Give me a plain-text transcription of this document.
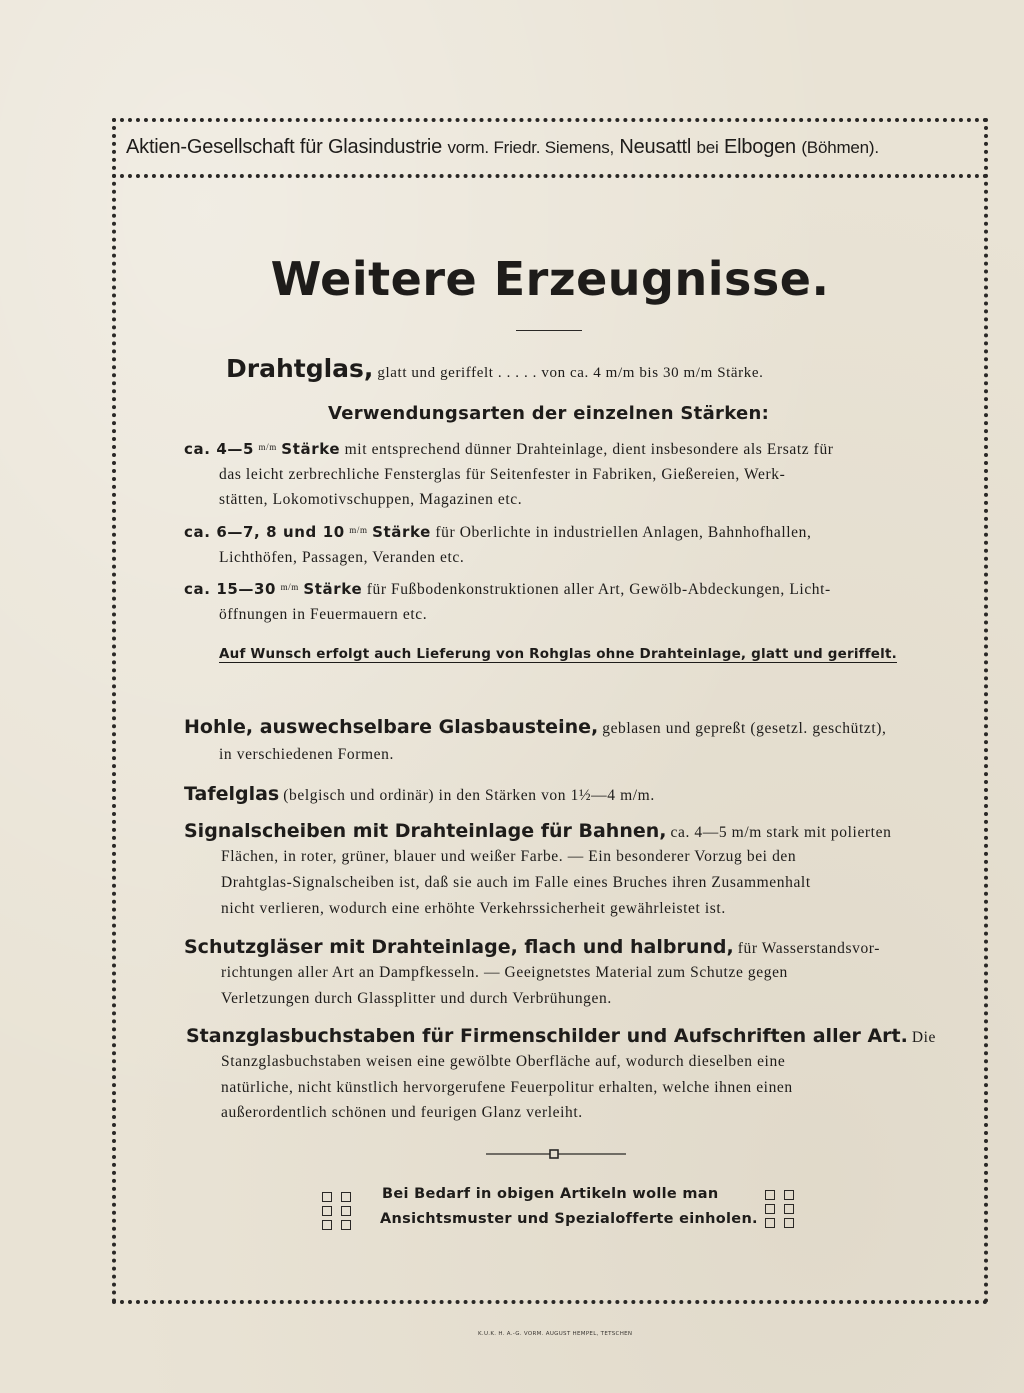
Aktien-Gesellschaft für Glasindustrie vorm. Friedr. Siemens, Neusattl bei Elbogen (Böhmen).
Weitere Erzeugnisse.
Drahtglas, glatt und geriffelt . . . . . von ca. 4 m/m bis 30 m/m Stärke.
Verwendungsarten der einzelnen Stärken:
ca. 4—5 $^{m/m}$ Stärke mit entsprechend dünner Drahteinlage, dient insbesondere als Ersatz für
das leicht zerbrechliche Fensterglas für Seitenfester in Fabriken, Gießereien, Werk-
stätten, Lokomotivschuppen, Magazinen etc.
ca. 6—7, 8 und 10 $^{m/m}$ Stärke für Oberlichte in industriellen Anlagen, Bahnhofhallen,
Lichthöfen, Passagen, Veranden etc.
ca. 15—30 $^{m/m}$ Stärke für Fußbodenkonstruktionen aller Art, Gewölb-Abdeckungen, Licht-
öffnungen in Feuermauern etc.
Auf Wunsch erfolgt auch Lieferung von Rohglas ohne Drahteinlage, glatt und geriffelt.
Hohle, auswechselbare Glasbausteine, geblasen und gepreßt (gesetzl. geschützt),
in verschiedenen Formen.
Tafelglas (belgisch und ordinär) in den Stärken von 1½—4 m/m.
Signalscheiben mit Drahteinlage für Bahnen, ca. 4—5 m/m stark mit polierten
Flächen, in roter, grüner, blauer und weißer Farbe. — Ein besonderer Vorzug bei den
Drahtglas-Signalscheiben ist, daß sie auch im Falle eines Bruches ihren Zusammenhalt
nicht verlieren, wodurch eine erhöhte Verkehrssicherheit gewährleistet ist.
Schutzgläser mit Drahteinlage, flach und halbrund, für Wasserstandsvor-
richtungen aller Art an Dampfkesseln. — Geeignetstes Material zum Schutze gegen
Verletzungen durch Glassplitter und durch Verbrühungen.
Stanzglasbuchstaben für Firmenschilder und Aufschriften aller Art. Die
Stanzglasbuchstaben weisen eine gewölbte Oberfläche auf, wodurch dieselben eine
natürliche, nicht künstlich hervorgerufene Feuerpolitur erhalten, welche ihnen einen
außerordentlich schönen und feurigen Glanz verleiht.
Bei Bedarf in obigen Artikeln wolle man
Ansichtsmuster und Spezialofferte einholen.
K.U.K. H. A.-G. VORM. AUGUST HEMPEL, TETSCHEN
